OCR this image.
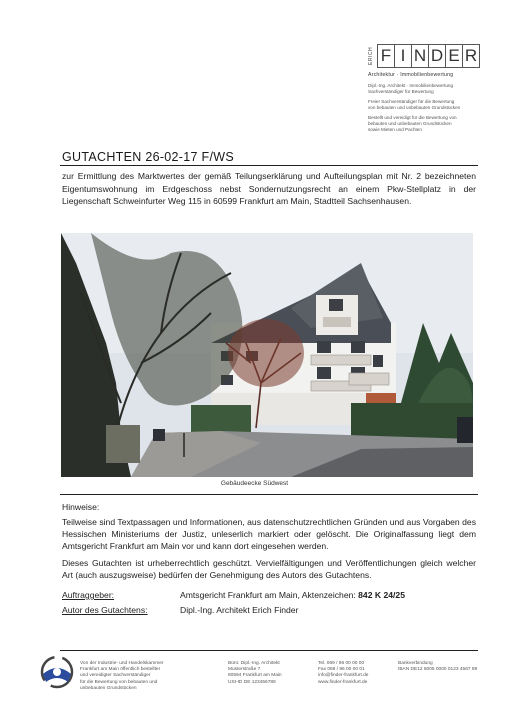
ERICH F I N D E R
Architektur · Immobilienbewertung
Dipl.-Ing. Architekt · Immobilienbewertung
Sachverständiger für Bewertung
Freier Sachverständiger für die Bewertung
von bebauten und unbebauten Grundstücken
Bestellt und vereidigt für die Bewertung von
bebauten und unbebauten Grundstücken
sowie Mieten und Pachten
GUTACHTEN 26-02-17 F/WS
zur Ermittlung des Marktwertes der gemäß Teilungserklärung und Aufteilungsplan mit Nr. 2 bezeichneten Eigentumswohnung im Erdgeschoss nebst Sondernutzungsrecht an einem Pkw-Stellplatz in der Liegenschaft Schweinfurter Weg 115 in 60599 Frankfurt am Main, Stadtteil Sachsenhausen.
Gebäudeecke Südwest
Hinweise:
Teilweise sind Textpassagen und Informationen, aus datenschutzrechtlichen Gründen und aus Vorgaben des Hessischen Ministeriums der Justiz, unleserlich markiert oder gelöscht. Die Originalfassung liegt dem Amtsgericht Frankfurt am Main vor und kann dort eingesehen werden.
Dieses Gutachten ist urheberrechtlich geschützt. Vervielfältigungen und Veröffentlichungen gleich welcher Art (auch auszugsweise) bedürfen der Genehmigung des Autors des Gutachtens.
Auftraggeber:	Amtsgericht Frankfurt am Main, Aktenzeichen: 842 K 24/25
Autor des Gutachtens:	Dipl.-Ing. Architekt Erich Finder
Von der Industrie- und Handelskammer
Frankfurt am Main öffentlich bestellter
und vereidigter Sachverständiger
für die Bewertung von bebauten und
unbebauten Grundstücken
Büro: Dipl.-Ing. Architekt
Musterstraße 7
60594 Frankfurt am Main
USt-ID DE 123456789
Tel. 069 / 96 00 00 00
Fax 069 / 96 00 00 01
info@finder-frankfurt.de
www.finder-frankfurt.de
Bankverbindung
IBAN DE12 5005 0000 0123 4567 89
